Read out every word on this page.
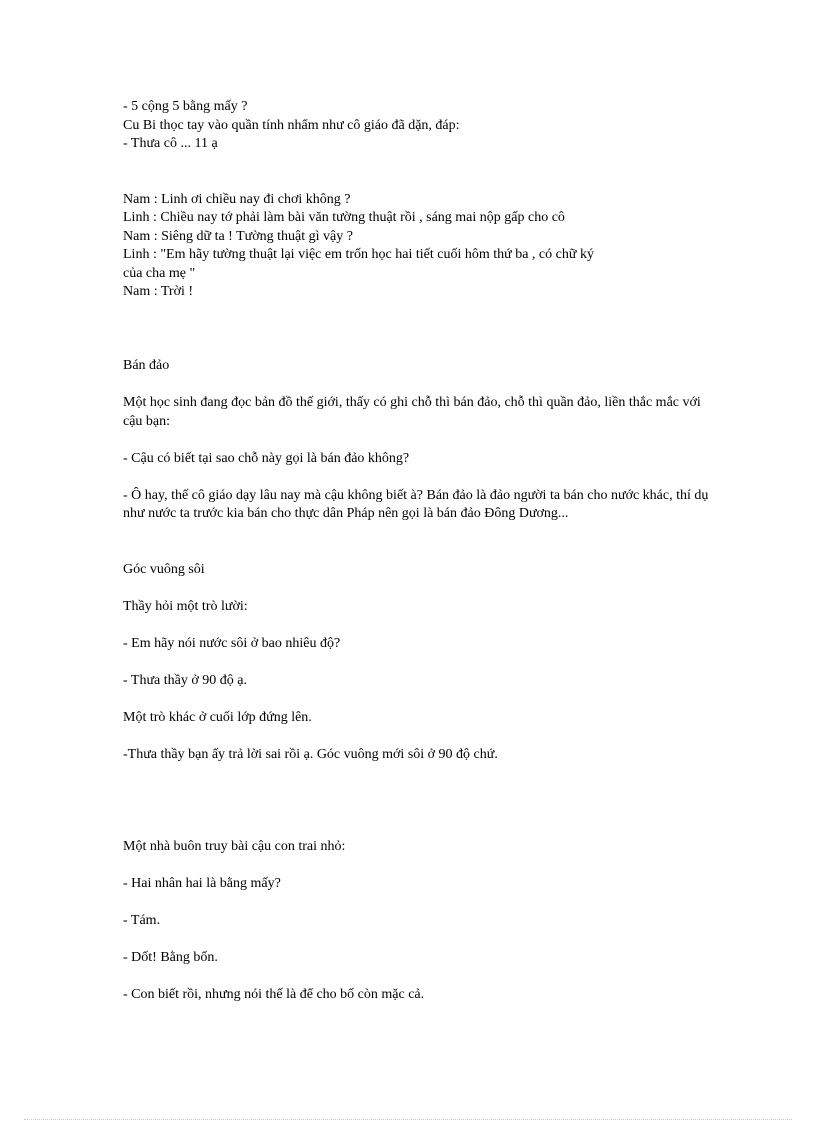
- 5 cộng 5 bằng mấy ?
Cu Bi thọc tay vào quần tính nhẩm như cô giáo đã dặn, đáp:
- Thưa cô ... 11 ạ
Nam : Linh ơi chiều nay đi chơi không ?
Linh : Chiều nay tớ phải làm bài văn tường thuật rồi , sáng mai nộp gấp cho cô
Nam : Siêng dữ ta ! Tường thuật gì vậy ?
Linh : "Em hãy tường thuật lại việc em trốn học hai tiết cuối hôm thứ ba , có chữ ký
của cha mẹ "
Nam : Trời !
Bán đảo
Một học sinh đang đọc bản đồ thế giới, thấy có ghi chỗ thì bán đảo, chỗ thì quần đảo, liền thắc mắc với cậu bạn:
- Cậu có biết tại sao chỗ này gọi là bán đảo không?
- Ô hay, thế cô giáo dạy lâu nay mà cậu không biết à? Bán đảo là đảo người ta bán cho nước khác, thí dụ như nước ta trước kia bán cho thực dân Pháp nên gọi là bán đảo Đông Dương...
Góc vuông sôi
Thầy hỏi một trò lười:
- Em hãy nói nước sôi ở bao nhiêu độ?
- Thưa thầy ở 90 độ ạ.
Một trò khác ở cuối lớp đứng lên.
-Thưa thầy bạn ấy trả lời sai rồi ạ. Góc vuông mới sôi ở 90 độ chứ.
Một nhà buôn truy bài cậu con trai nhỏ:
- Hai nhân hai là bằng mấy?
- Tám.
- Dốt! Bằng bốn.
- Con biết rồi, nhưng nói thế là để cho bố còn mặc cả.
